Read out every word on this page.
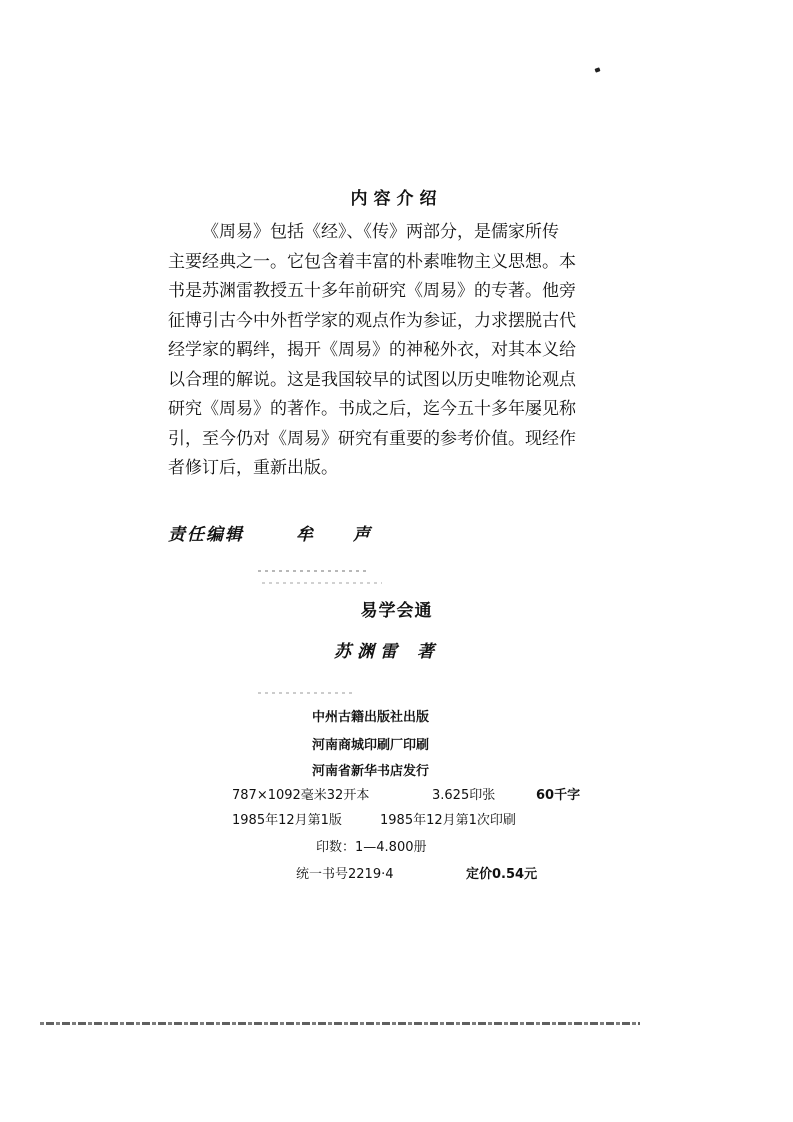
内容介绍
《周易》包括《经》、《传》两部分，是儒家所传
主要经典之一。它包含着丰富的朴素唯物主义思想。本
书是苏渊雷教授五十多年前研究《周易》的专著。他旁
征博引古今中外哲学家的观点作为参证，力求摆脱古代
经学家的羁绊，揭开《周易》的神秘外衣，对其本义给
以合理的解说。这是我国较早的试图以历史唯物论观点
研究《周易》的著作。书成之后，迄今五十多年屡见称
引，至今仍对《周易》研究有重要的参考价值。现经作
者修订后，重新出版。
责任编辑	牟声
易学会通
苏渊雷 著
中州古籍出版社出版
河南商城印刷厂印刷
河南省新华书店发行
787×1092毫米32开本	3.625印张	60千字
1985年12月第1版	1985年12月第1次印刷
印数：1—4.800册
统一书号2219·4	定价0.54元
